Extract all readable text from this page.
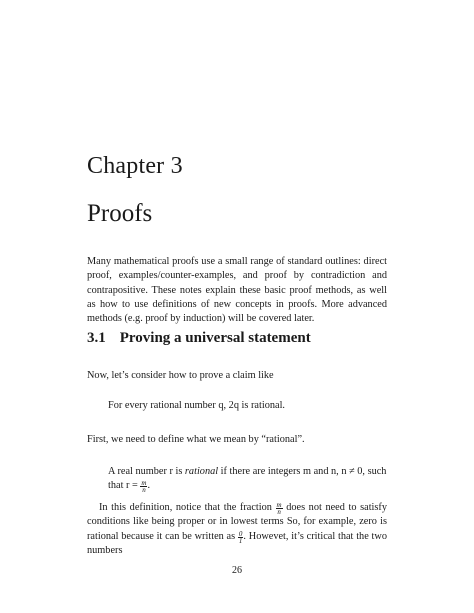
Chapter 3
Proofs

Many mathematical proofs use a small range of standard outlines: direct proof, examples/counter-examples, and proof by contradiction and contrapositive. These notes explain these basic proof methods, as well as how to use definitions of new concepts in proofs. More advanced methods (e.g. proof by induction) will be covered later.

3.1 Proving a universal statement

Now, let’s consider how to prove a claim like

For every rational number q, 2q is rational.

First, we need to define what we mean by “rational”.

A real number r is rational if there are integers m and n, n ≠ 0, such that $r = \frac{m}{n}$ .

In this definition, notice that the fraction $\frac{m}{n}$ does not need to satisfy conditions like being proper or in lowest terms So, for example, zero is rational because it can be written as $\frac{0}{1}$ . Howevet, it’s critical that the two numbers

26
